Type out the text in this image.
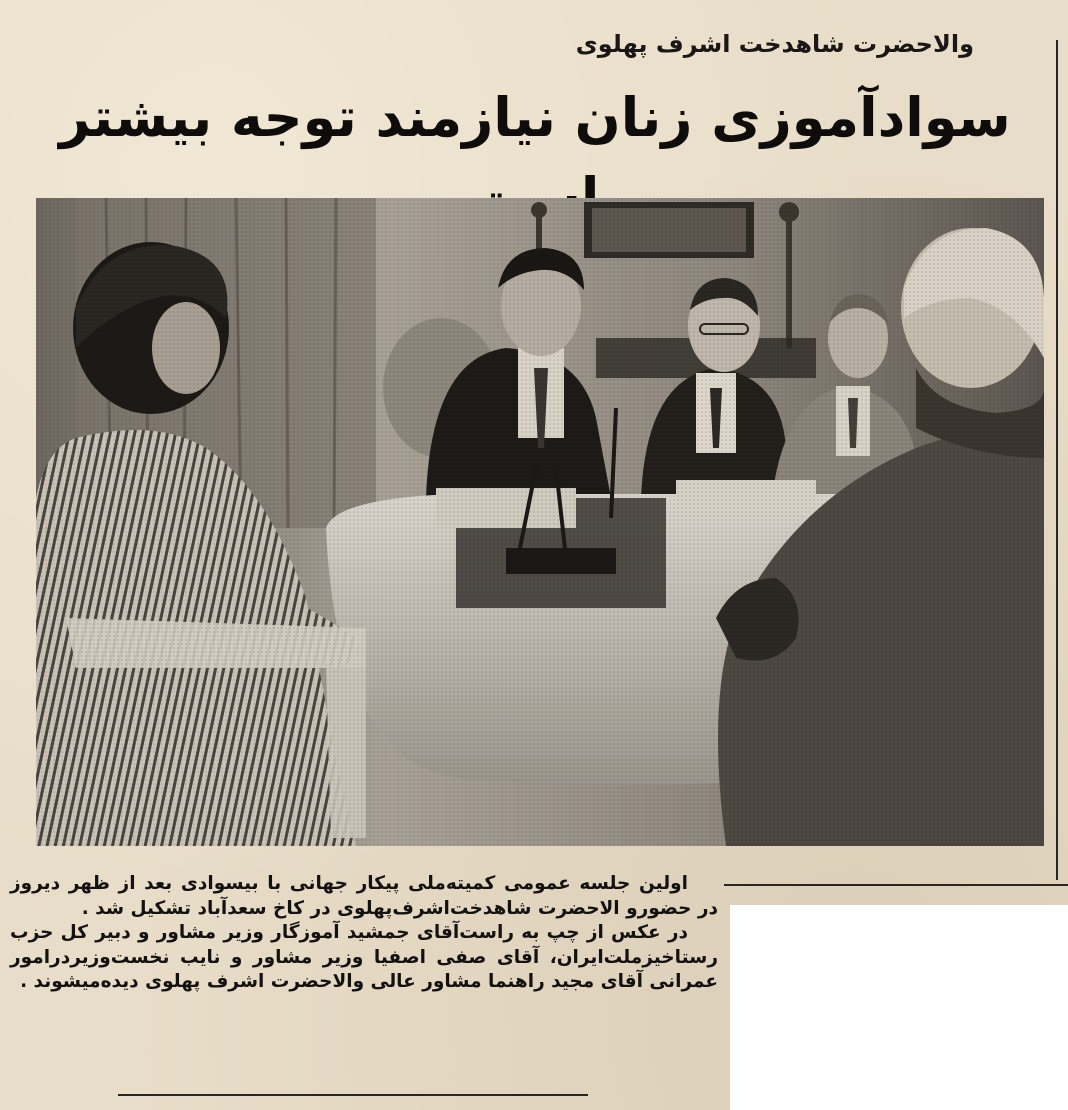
والاحضرت شاهدخت اشرف پهلوی
سوادآموزی زنان نیازمند توجه بیشتر

اولین جلسه عمومی کمیته‌ملی پیکار جهانی با بیسوادی بعد از ظهر دیروز در حضورو الاحضرت شاهدخت‌اشرف‌پهلوی در کاخ سعدآباد تشکیل شد .

در عکس از چپ به راست‌آقای جمشید آموزگار وزیر مشاور و دبیر کل حزب رستاخیزملت‌ایران، آقای صفی اصفیا وزیر مشاور و نایب نخست‌وزیردرامور عمرانی آقای مجید راهنما مشاور عالی والاحضرت اشرف پهلوی دیده‌میشوند .
